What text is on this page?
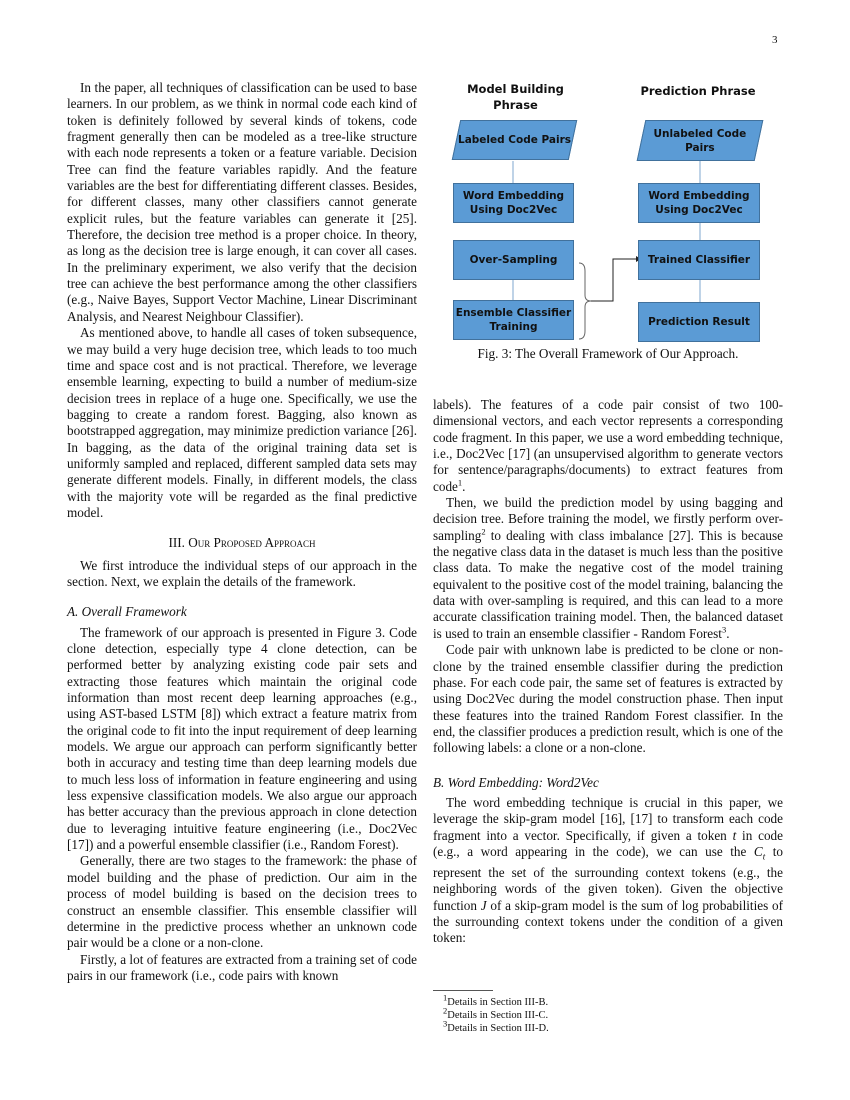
3

In the paper, all techniques of classification can be used to base learners. In our problem, as we think in normal code each kind of token is definitely followed by several kinds of tokens, code fragment generally then can be modeled as a tree-like structure with each node represents a token or a feature variable. Decision Tree can find the feature variables rapidly. And the feature variables are the best for differentiating different classes. Besides, for different classes, many other classifiers cannot generate explicit rules, but the feature variables can generate it [25]. Therefore, the decision tree method is a proper choice. In theory, as long as the decision tree is large enough, it can cover all cases. In the preliminary experiment, we also verify that the decision tree can achieve the best performance among the other classifiers (e.g., Naive Bayes, Support Vector Machine, Linear Discriminant Analysis, and Nearest Neighbour Classifier).

As mentioned above, to handle all cases of token subsequence, we may build a very huge decision tree, which leads to too much time and space cost and is not practical. Therefore, we leverage ensemble learning, expecting to build a number of medium-size decision trees in replace of a huge one. Specifically, we use the bagging to create a random forest. Bagging, also known as bootstrapped aggregation, may minimize prediction variance [26]. In bagging, as the data of the original training data set is uniformly sampled and replaced, different sampled data sets may generate different models. Finally, in different models, the class with the majority vote will be regarded as the final predictive model.

III. Our Proposed Approach

We first introduce the individual steps of our approach in the section. Next, we explain the details of the framework.

A. Overall Framework

The framework of our approach is presented in Figure 3. Code clone detection, especially type 4 clone detection, can be performed better by analyzing existing code pair sets and extracting those features which maintain the original code information than most recent deep learning approaches (e.g., using AST-based LSTM [8]) which extract a feature matrix from the original code to fit into the input requirement of deep learning models. We argue our approach can perform significantly better both in accuracy and testing time than deep learning models due to much less loss of information in feature engineering and using less expensive classification models. We also argue our approach has better accuracy than the previous approach in clone detection due to leveraging intuitive feature engineering (i.e., Doc2Vec [17]) and a powerful ensemble classifier (i.e., Random Forest).

Generally, there are two stages to the framework: the phase of model building and the phase of prediction. Our aim in the process of model building is based on the decision trees to construct an ensemble classifier. This ensemble classifier will determine in the predictive process whether an unknown code pair would be a clone or a non-clone.

Firstly, a lot of features are extracted from a training set of code pairs in our framework (i.e., code pairs with known

Model Building Phrase
Prediction Phrase
Labeled Code Pairs
Word Embedding Using Doc2Vec
Over-Sampling
Ensemble Classifier Training
Unlabeled Code Pairs
Word Embedding Using Doc2Vec
Trained Classifier
Prediction Result
Fig. 3: The Overall Framework of Our Approach.

labels). The features of a code pair consist of two 100-dimensional vectors, and each vector represents a corresponding code fragment. In this paper, we use a word embedding technique, i.e., Doc2Vec [17] (an unsupervised algorithm to generate vectors for sentence/paragraphs/documents) to extract features from code$^1$.

Then, we build the prediction model by using bagging and decision tree. Before training the model, we firstly perform over-sampling$^2$ to dealing with class imbalance [27]. This is because the negative class data in the dataset is much less than the positive class data. To make the negative cost of the model training equivalent to the positive cost of the model training, balancing the data with over-sampling is required, and this can lead to a more accurate classification training model. Then, the balanced dataset is used to train an ensemble classifier - Random Forest$^3$.

Code pair with unknown labe is predicted to be clone or non-clone by the trained ensemble classifier during the prediction phase. For each code pair, the same set of features is extracted by using Doc2Vec during the model construction phase. Then input these features into the trained Random Forest classifier. In the end, the classifier produces a prediction result, which is one of the following labels: a clone or a non-clone.

B. Word Embedding: Word2Vec

The word embedding technique is crucial in this paper, we leverage the skip-gram model [16], [17] to transform each code fragment into a vector. Specifically, if given a token t in code (e.g., a word appearing in the code), we can use the $C_t$ to represent the set of the surrounding context tokens (e.g., the neighboring words of the given token). Given the objective function J of a skip-gram model is the sum of log probabilities of the surrounding context tokens under the condition of a given token:

$^1$Details in Section III-B.
$^2$Details in Section III-C.
$^3$Details in Section III-D.
